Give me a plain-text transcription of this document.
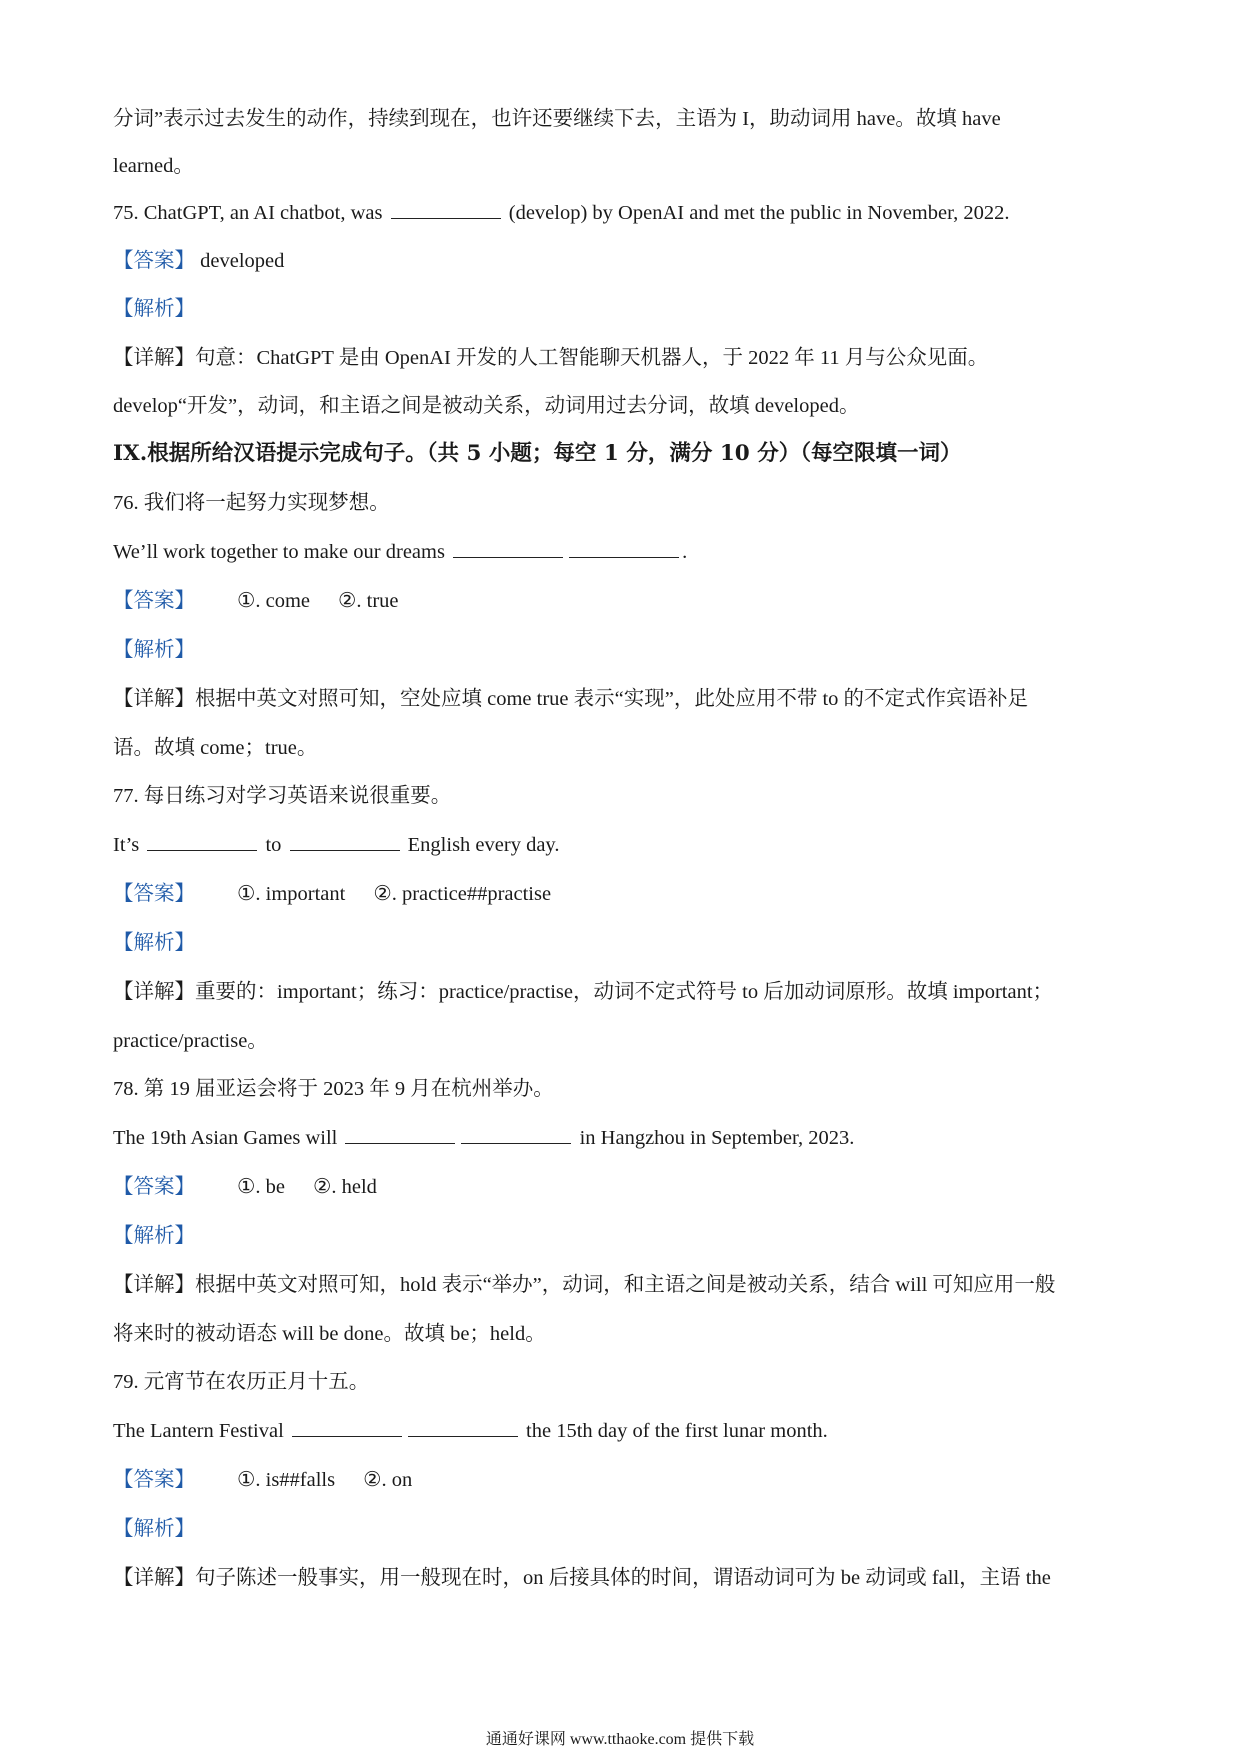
分词”表示过去发生的动作，持续到现在，也许还要继续下去，主语为 I，助动词用 have。故填 have
learned。
75. ChatGPT, an AI chatbot, was	(develop) by OpenAI and met the public in November, 2022.
【答案】 developed
【解析】
【详解】句意：ChatGPT 是由 OpenAI 开发的人工智能聊天机器人，于 2022 年 11 月与公众见面。
develop“开发”，动词，和主语之间是被动关系，动词用过去分词，故填 developed。
IX.根据所给汉语提示完成句子。（共 5 小题；每空 1 分，满分 10 分）（每空限填一词）
76. 我们将一起努力实现梦想。
We’ll work together to make our dreams	.
【答案】 ①. come ②. true
【解析】
【详解】根据中英文对照可知，空处应填 come true 表示“实现”，此处应用不带 to 的不定式作宾语补足
语。故填 come；true。
77. 每日练习对学习英语来说很重要。
It’s	to	English every day.
【答案】 ①. important ②. practice##practise
【解析】
【详解】重要的：important；练习：practice/practise，动词不定式符号 to 后加动词原形。故填 important；
practice/practise。
78. 第 19 届亚运会将于 2023 年 9 月在杭州举办。
The 19th Asian Games will	in Hangzhou in September, 2023.
【答案】 ①. be ②. held
【解析】
【详解】根据中英文对照可知，hold 表示“举办”，动词，和主语之间是被动关系，结合 will 可知应用一般
将来时的被动语态 will be done。故填 be；held。
79. 元宵节在农历正月十五。
The Lantern Festival	the 15th day of the first lunar month.
【答案】 ①. is##falls ②. on
【解析】
【详解】句子陈述一般事实，用一般现在时，on 后接具体的时间，谓语动词可为 be 动词或 fall，主语 the
通通好课网 www.tthaoke.com 提供下载
